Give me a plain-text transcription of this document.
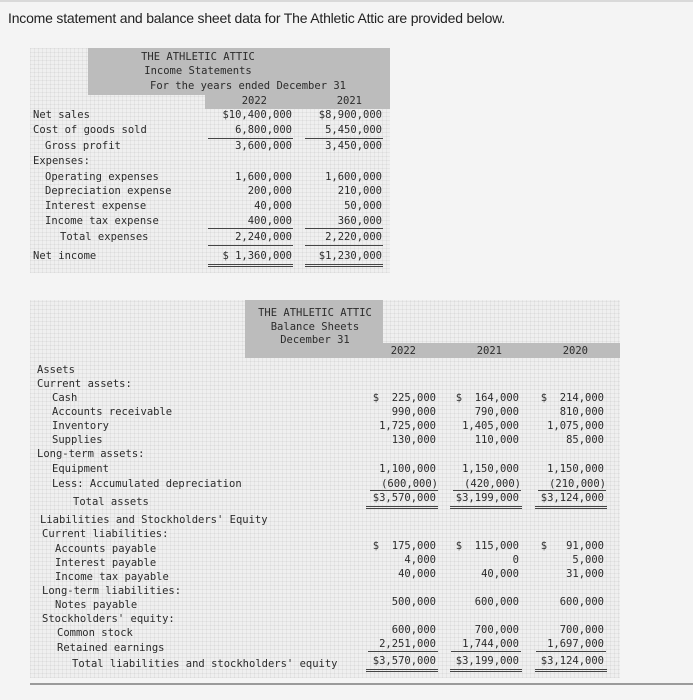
Income statement and balance sheet data for The Athletic Attic are provided below.
THE ATHLETIC ATTIC
Income Statements
For the years ended December 31
2022	2021
Net sales	$10,400,000	$8,900,000
Cost of goods sold	6,800,000	5,450,000
Gross profit	3,600,000	3,450,000
Expenses:
Operating expenses	1,600,000	1,600,000
Depreciation expense	200,000	210,000
Interest expense	40,000	50,000
Income tax expense	400,000	360,000
Total expenses	2,240,000	2,220,000
Net income	$ 1,360,000	$1,230,000
THE ATHLETIC ATTIC
Balance Sheets
December 31
2022	2021	2020
Assets
Current assets:
Cash	$  225,000	$  164,000	$  214,000
Accounts receivable	990,000	790,000	810,000
Inventory	1,725,000	1,405,000	1,075,000
Supplies	130,000	110,000	85,000
Long-term assets:
Equipment	1,100,000	1,150,000	1,150,000
Less: Accumulated depreciation	(600,000)	(420,000)	(210,000)
Total assets	$3,570,000	$3,199,000	$3,124,000
Liabilities and Stockholders' Equity
Current liabilities:
Accounts payable	$  175,000	$  115,000	$   91,000
Interest payable	4,000	0	5,000
Income tax payable	40,000	40,000	31,000
Long-term liabilities:
Notes payable	500,000	600,000	600,000
Stockholders' equity:
Common stock	600,000	700,000	700,000
Retained earnings	2,251,000	1,744,000	1,697,000
Total liabilities and stockholders' equity	$3,570,000	$3,199,000	$3,124,000
